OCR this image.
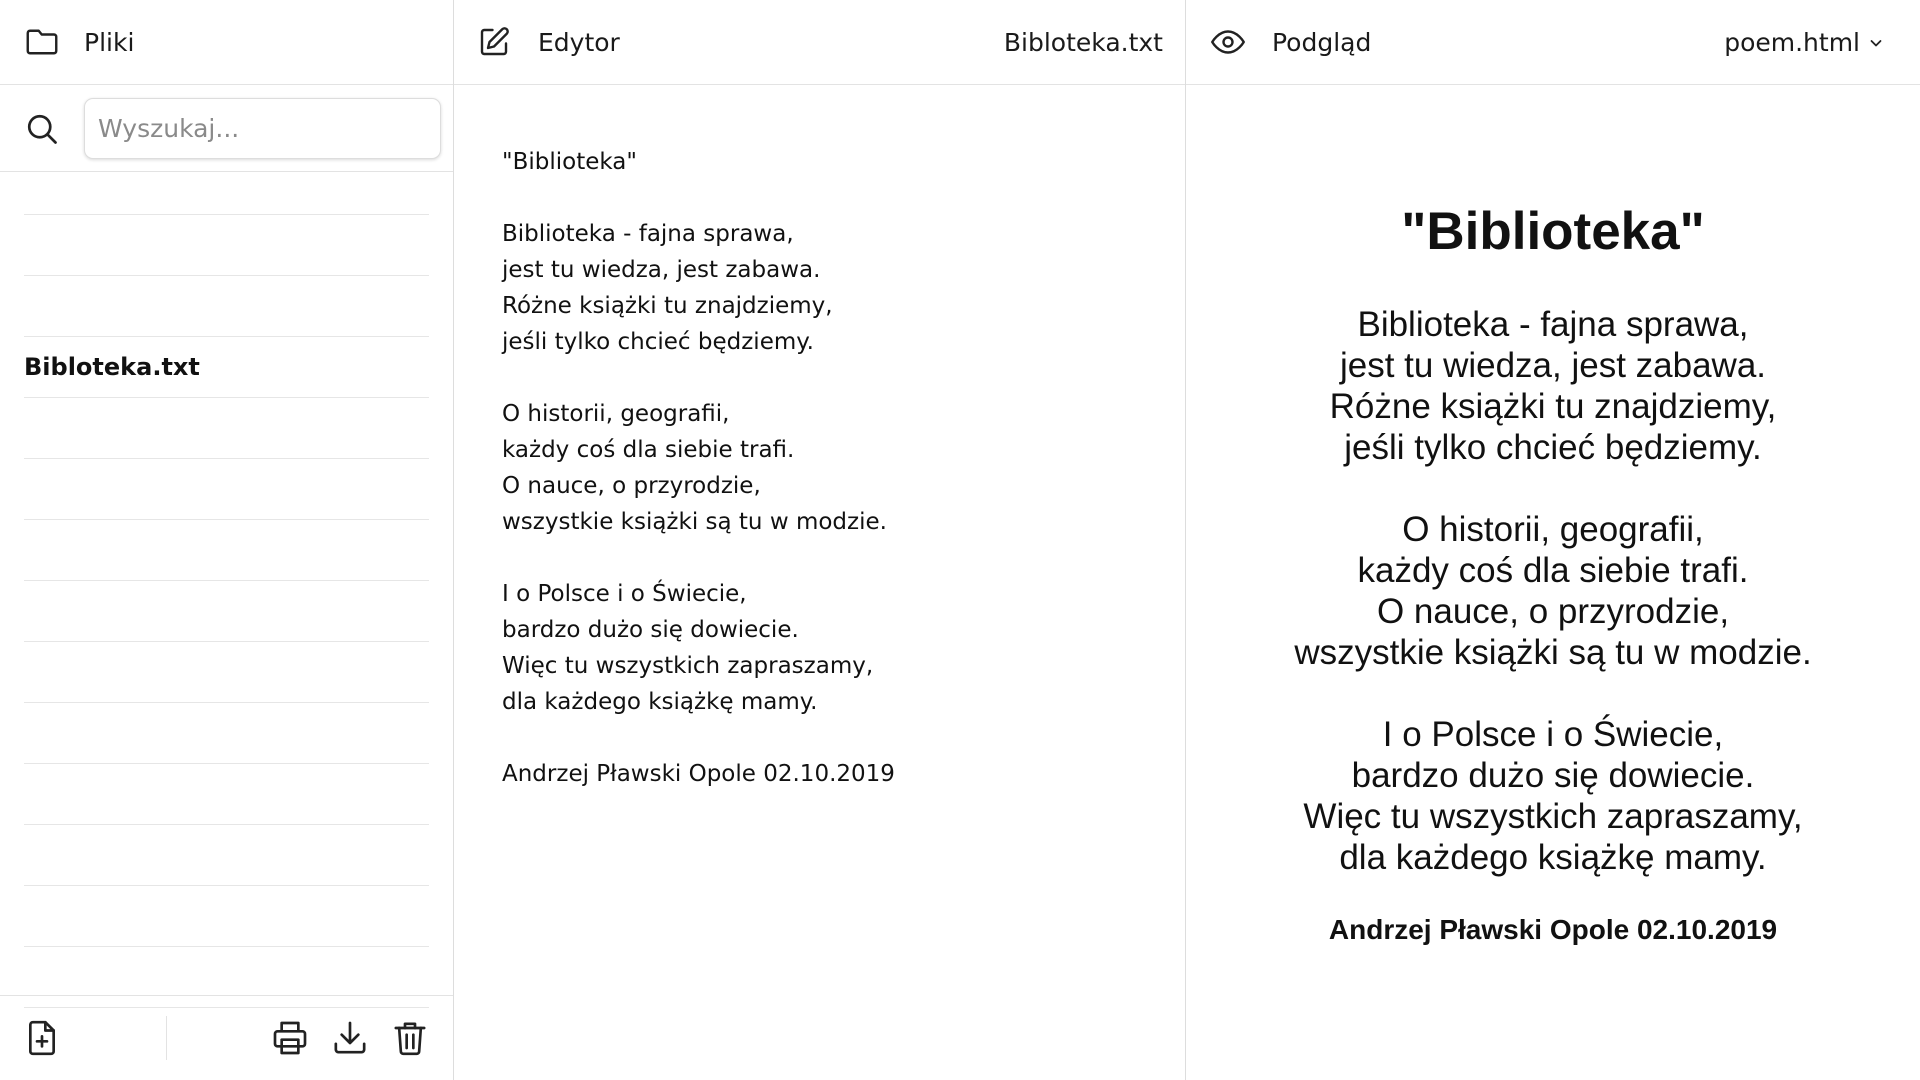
Pliki
Wyszukaj...
Bibloteka.txt
Edytor	Bibloteka.txt
"Biblioteka"

Biblioteka - fajna sprawa,
jest tu wiedza, jest zabawa.
Różne książki tu znajdziemy,
jeśli tylko chcieć będziemy.

O historii, geografii,
każdy coś dla siebie trafi.
O nauce, o przyrodzie,
wszystkie książki są tu w modzie.

I o Polsce i o Świecie,
bardzo dużo się dowiecie.
Więc tu wszystkich zapraszamy,
dla każdego książkę mamy.

Andrzej Pławski Opole 02.10.2019
Podgląd	poem.html
"Biblioteka"

Biblioteka - fajna sprawa,
jest tu wiedza, jest zabawa.
Różne książki tu znajdziemy,
jeśli tylko chcieć będziemy.

O historii, geografii,
każdy coś dla siebie trafi.
O nauce, o przyrodzie,
wszystkie książki są tu w modzie.

I o Polsce i o Świecie,
bardzo dużo się dowiecie.
Więc tu wszystkich zapraszamy,
dla każdego książkę mamy.

Andrzej Pławski Opole 02.10.2019
